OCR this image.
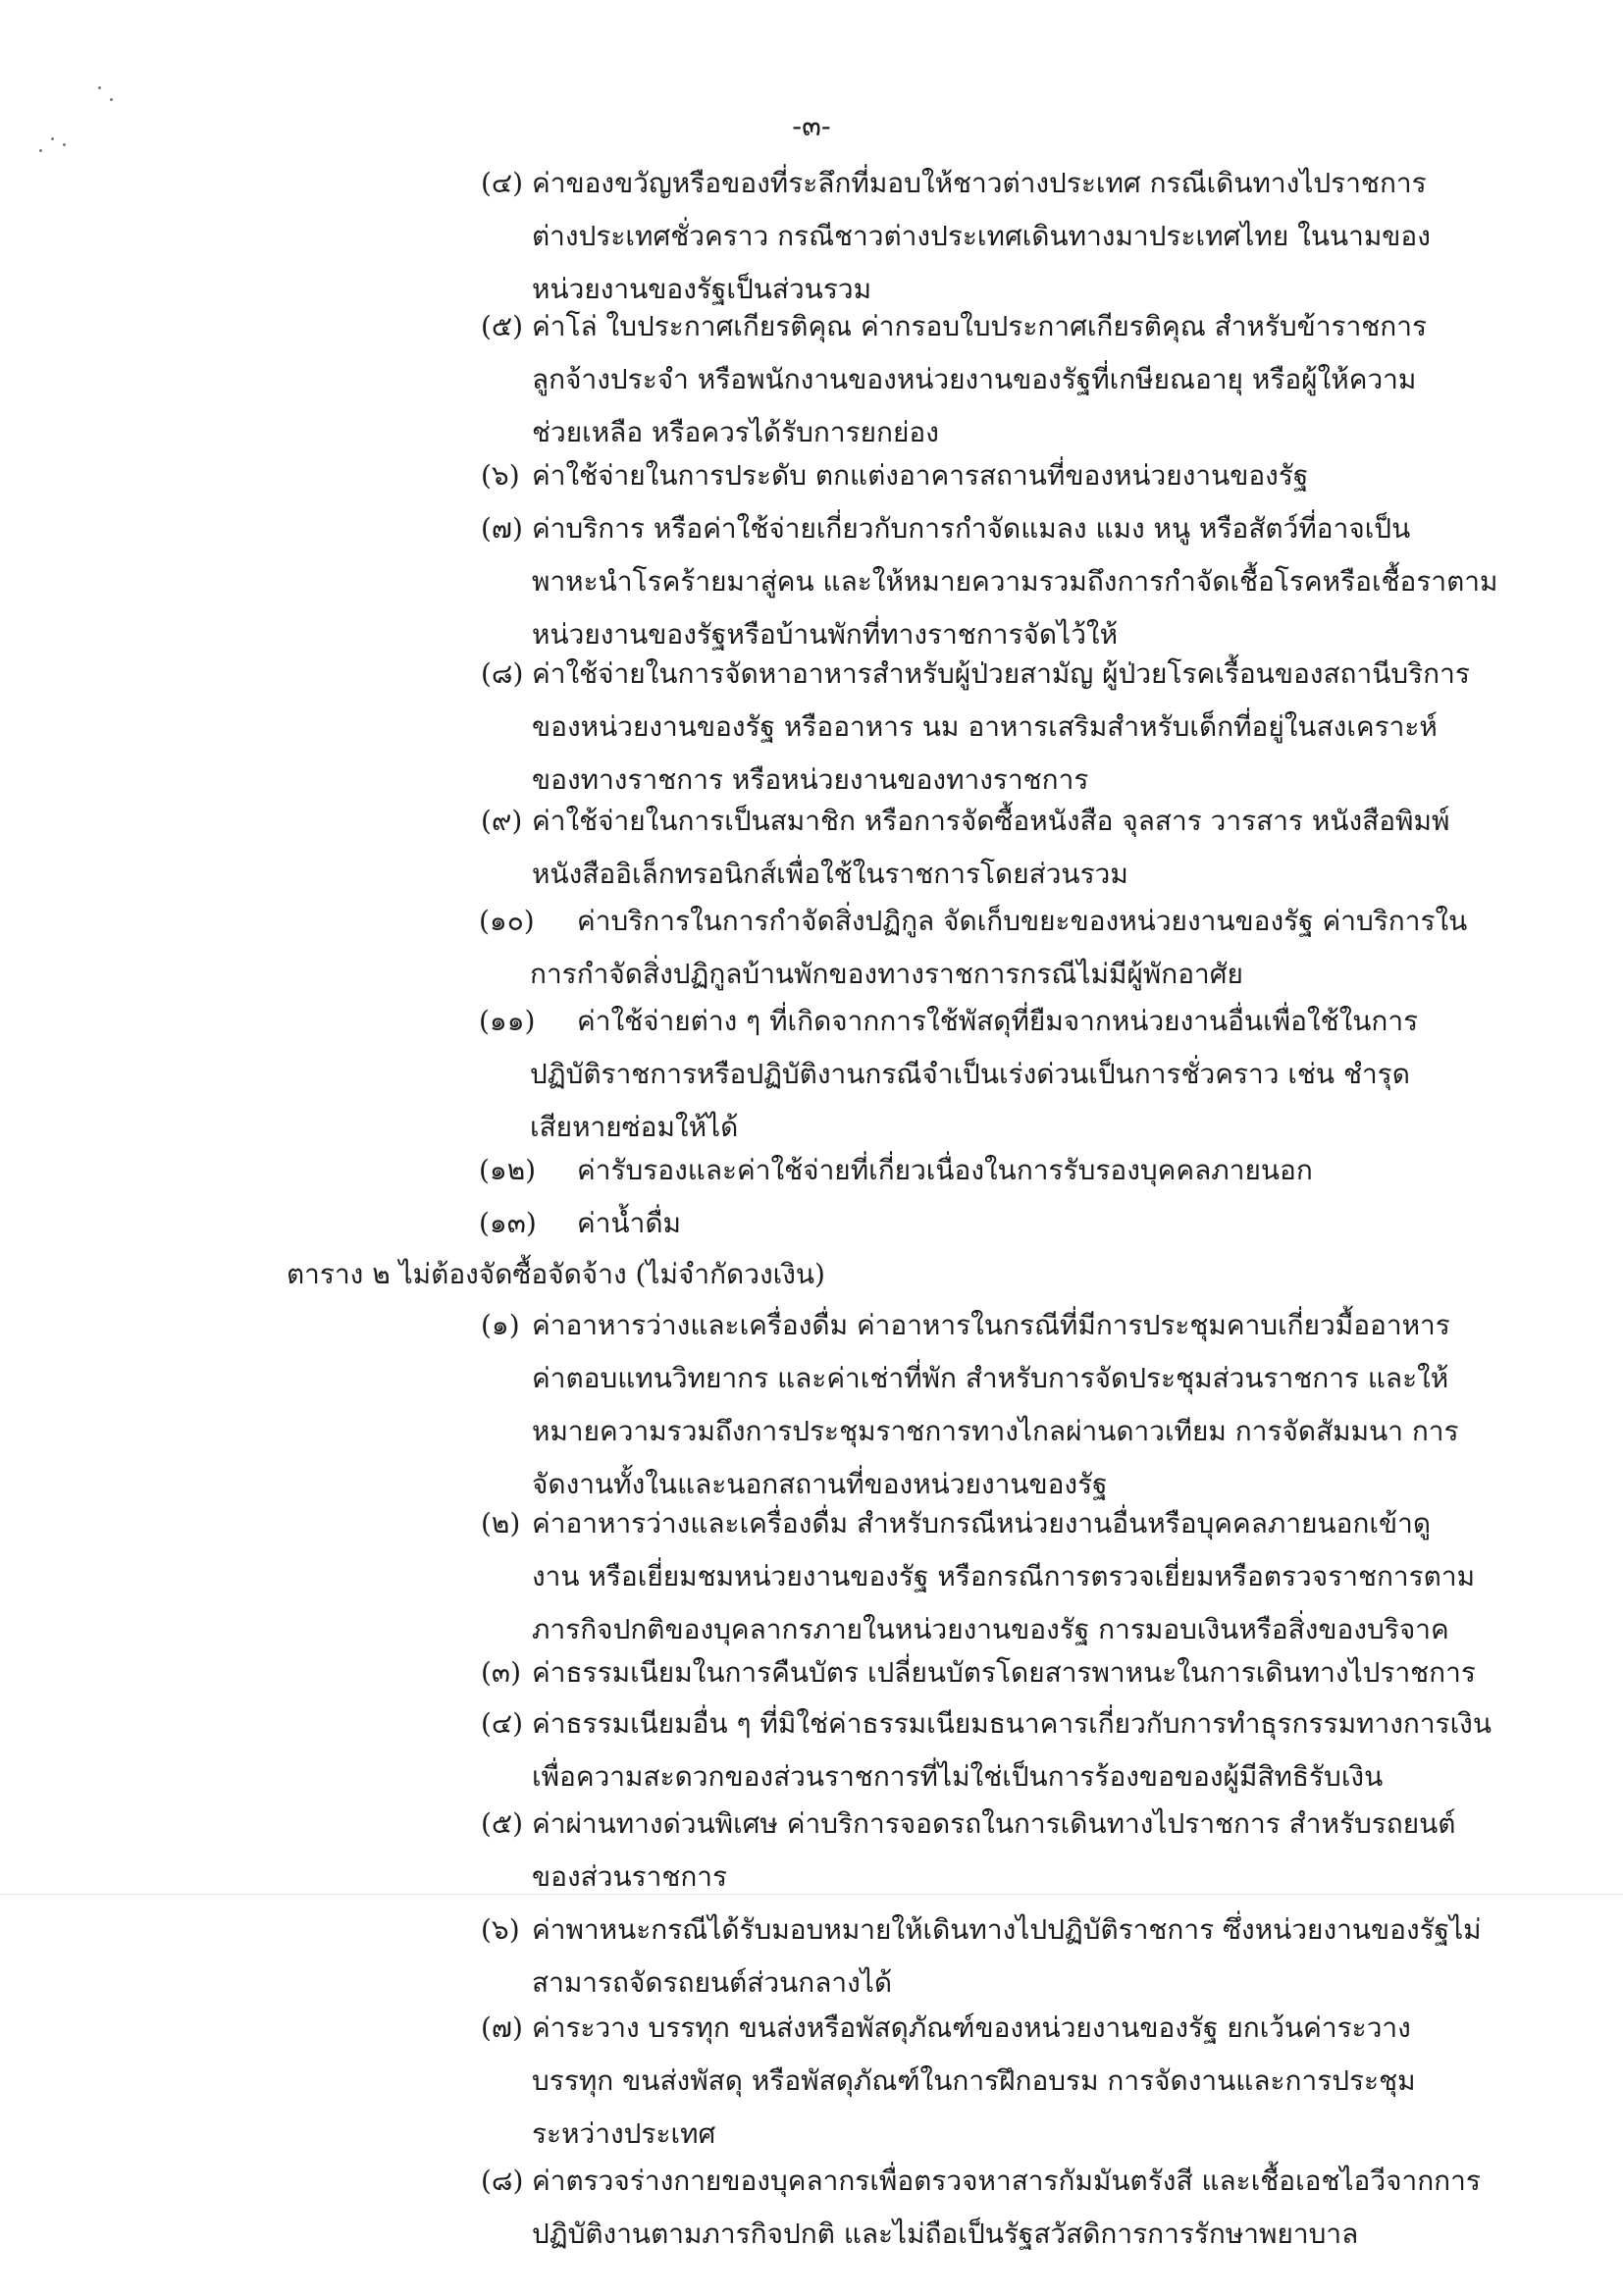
-๓-
(๔) ค่าของขวัญหรือของที่ระลึกที่มอบให้ชาวต่างประเทศ กรณีเดินทางไปราชการ
ต่างประเทศชั่วคราว กรณีชาวต่างประเทศเดินทางมาประเทศไทย ในนามของ
หน่วยงานของรัฐเป็นส่วนรวม
(๕) ค่าโล่ ใบประกาศเกียรติคุณ ค่ากรอบใบประกาศเกียรติคุณ สำหรับข้าราชการ
ลูกจ้างประจำ หรือพนักงานของหน่วยงานของรัฐที่เกษียณอายุ หรือผู้ให้ความ
ช่วยเหลือ หรือควรได้รับการยกย่อง
(๖) ค่าใช้จ่ายในการประดับ ตกแต่งอาคารสถานที่ของหน่วยงานของรัฐ
(๗) ค่าบริการ หรือค่าใช้จ่ายเกี่ยวกับการกำจัดแมลง แมง หนู หรือสัตว์ที่อาจเป็น
พาหะนำโรคร้ายมาสู่คน และให้หมายความรวมถึงการกำจัดเชื้อโรคหรือเชื้อราตาม
หน่วยงานของรัฐหรือบ้านพักที่ทางราชการจัดไว้ให้
(๘) ค่าใช้จ่ายในการจัดหาอาหารสำหรับผู้ป่วยสามัญ ผู้ป่วยโรคเรื้อนของสถานีบริการ
ของหน่วยงานของรัฐ หรืออาหาร นม อาหารเสริมสำหรับเด็กที่อยู่ในสงเคราะห์
ของทางราชการ หรือหน่วยงานของทางราชการ
(๙) ค่าใช้จ่ายในการเป็นสมาชิก หรือการจัดซื้อหนังสือ จุลสาร วารสาร หนังสือพิมพ์
หนังสืออิเล็กทรอนิกส์เพื่อใช้ในราชการโดยส่วนรวม
(๑๐) ค่าบริการในการกำจัดสิ่งปฏิกูล จัดเก็บขยะของหน่วยงานของรัฐ ค่าบริการใน
การกำจัดสิ่งปฏิกูลบ้านพักของทางราชการกรณีไม่มีผู้พักอาศัย
(๑๑) ค่าใช้จ่ายต่าง ๆ ที่เกิดจากการใช้พัสดุที่ยืมจากหน่วยงานอื่นเพื่อใช้ในการ
ปฏิบัติราชการหรือปฏิบัติงานกรณีจำเป็นเร่งด่วนเป็นการชั่วคราว เช่น ชำรุด
เสียหายซ่อมให้ได้
(๑๒) ค่ารับรองและค่าใช้จ่ายที่เกี่ยวเนื่องในการรับรองบุคคลภายนอก
(๑๓) ค่าน้ำดื่ม
ตาราง ๒ ไม่ต้องจัดซื้อจัดจ้าง (ไม่จำกัดวงเงิน)
(๑) ค่าอาหารว่างและเครื่องดื่ม ค่าอาหารในกรณีที่มีการประชุมคาบเกี่ยวมื้ออาหาร
ค่าตอบแทนวิทยากร และค่าเช่าที่พัก สำหรับการจัดประชุมส่วนราชการ และให้
หมายความรวมถึงการประชุมราชการทางไกลผ่านดาวเทียม การจัดสัมมนา การ
จัดงานทั้งในและนอกสถานที่ของหน่วยงานของรัฐ
(๒) ค่าอาหารว่างและเครื่องดื่ม สำหรับกรณีหน่วยงานอื่นหรือบุคคลภายนอกเข้าดู
งาน หรือเยี่ยมชมหน่วยงานของรัฐ หรือกรณีการตรวจเยี่ยมหรือตรวจราชการตาม
ภารกิจปกติของบุคลากรภายในหน่วยงานของรัฐ การมอบเงินหรือสิ่งของบริจาค
(๓) ค่าธรรมเนียมในการคืนบัตร เปลี่ยนบัตรโดยสารพาหนะในการเดินทางไปราชการ
(๔) ค่าธรรมเนียมอื่น ๆ ที่มิใช่ค่าธรรมเนียมธนาคารเกี่ยวกับการทำธุรกรรมทางการเงิน
เพื่อความสะดวกของส่วนราชการที่ไม่ใช่เป็นการร้องขอของผู้มีสิทธิรับเงิน
(๕) ค่าผ่านทางด่วนพิเศษ ค่าบริการจอดรถในการเดินทางไปราชการ สำหรับรถยนต์
ของส่วนราชการ
(๖) ค่าพาหนะกรณีได้รับมอบหมายให้เดินทางไปปฏิบัติราชการ ซึ่งหน่วยงานของรัฐไม่
สามารถจัดรถยนต์ส่วนกลางได้
(๗) ค่าระวาง บรรทุก ขนส่งหรือพัสดุภัณฑ์ของหน่วยงานของรัฐ ยกเว้นค่าระวาง
บรรทุก ขนส่งพัสดุ หรือพัสดุภัณฑ์ในการฝึกอบรม การจัดงานและการประชุม
ระหว่างประเทศ
(๘) ค่าตรวจร่างกายของบุคลากรเพื่อตรวจหาสารกัมมันตรังสี และเชื้อเอชไอวีจากการ
ปฏิบัติงานตามภารกิจปกติ และไม่ถือเป็นรัฐสวัสดิการการรักษาพยาบาล
